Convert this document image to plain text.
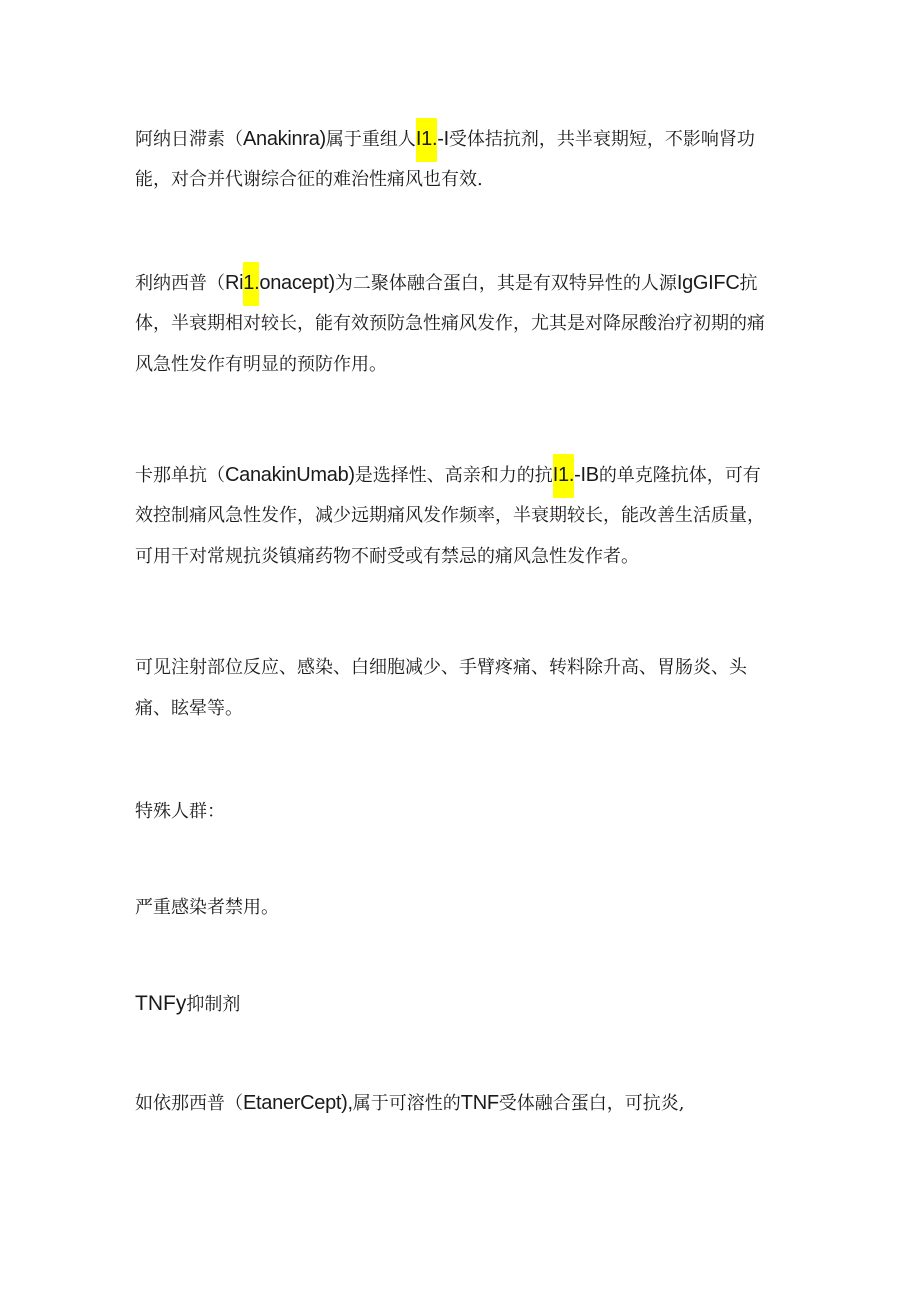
阿纳日滞素（Anakinra)属于重组人I1.-I受体拮抗剂，共半衰期短，不影响肾功
能，对合并代谢综合征的难治性痛风也有效.

利纳西普（Ri1.onacept)为二聚体融合蛋白，其是有双特异性的人源IgGIFC抗
体，半衰期相对较长，能有效预防急性痛风发作，尤其是对降尿酸治疗初期的痛
风急性发作有明显的预防作用。

卡那单抗（CanakinUmab)是选择性、高亲和力的抗I1.-IB的单克隆抗体，可有
效控制痛风急性发作，减少远期痛风发作频率，半衰期较长，能改善生活质量，
可用干对常规抗炎镇痛药物不耐受或有禁忌的痛风急性发作者。

可见注射部位反应、感染、白细胞减少、手臂疼痛、转料除升高、胃肠炎、头
痛、眩晕等。

特殊人群：

严重感染者禁用。

TNFy抑制剂

如依那西普（EtanerCept),属于可溶性的TNF受体融合蛋白，可抗炎,
